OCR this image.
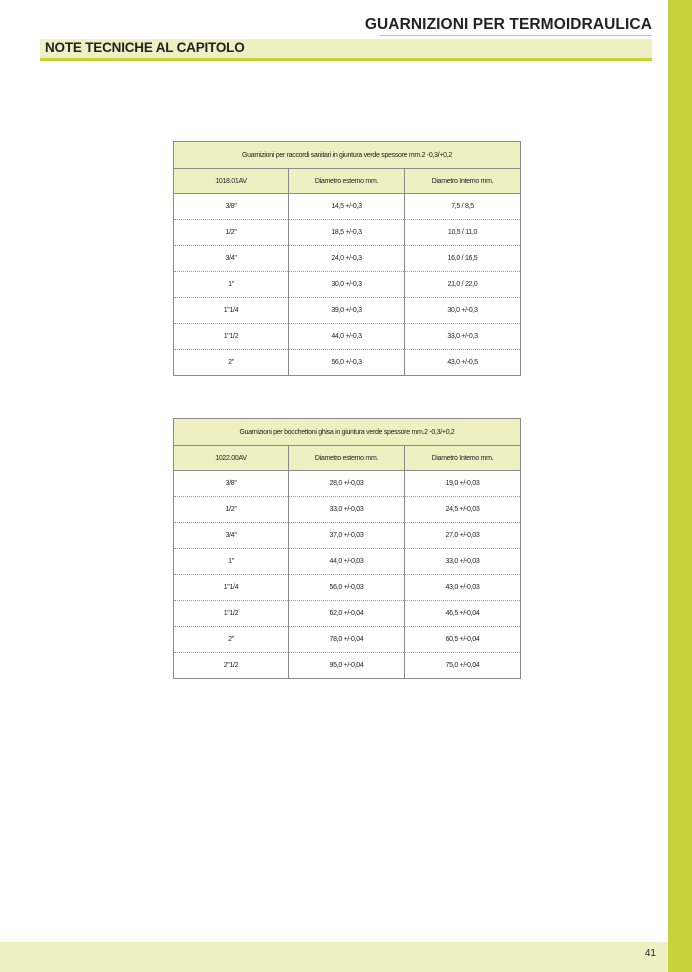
41
GUARNIZIONI PER TERMOIDRAULICA
NOTE TECNICHE AL CAPITOLO
Guarnizioni per raccordi sanitari in giuntura verde spessore mm.2 -0,3/+0,2		
1018.01AV	Diametro esterno mm.	Diametro Interno mm.
3/8"	14,5 +/-0,3	7,5 / 8,5
1/2"	18,5 +/-0,3	10,5 / 11,0
3/4"	24,0 +/-0,3	16,0 / 16,5
1"	30,0 +/-0,3	21,0 / 22,0
1"1/4	39,0 +/-0,3	30,0 +/-0,3
1"1/2	44,0 +/-0,3	33,0 +/-0,3
2"	56,0 +/-0,3	43,0 +/-0,5
Guarnizioni per bocchettoni ghisa in giuntura verde spessore mm.2 -0,3/+0,2		
1022.00AV	Diametro esterno mm.	Diametro Interno mm.
3/8"	28,0 +/-0,03	19,0 +/-0,03
1/2"	33,0 +/-0,03	24,5 +/-0,03
3/4"	37,0 +/-0,03	27,0 +/-0,03
1"	44,0 +/-0,03	33,0 +/-0,03
1"1/4	56,0 +/-0,03	43,0 +/-0,03
1"1/2	62,0 +/-0,04	46,5 +/-0,04
2"	78,0 +/-0,04	60,5 +/-0,04
2"1/2	95,0 +/-0,04	75,0 +/-0,04
